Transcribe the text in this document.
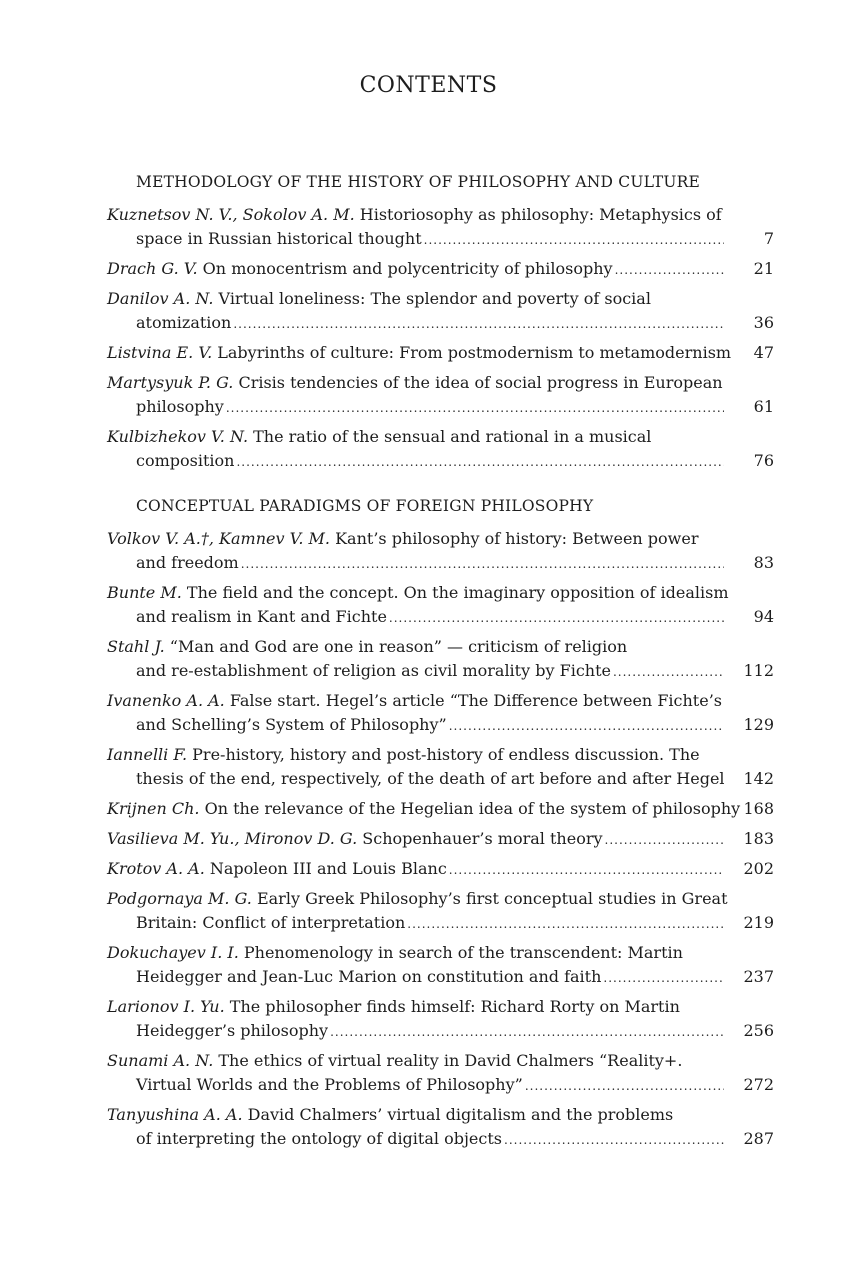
CONTENTS
METHODOLOGY OF THE HISTORY OF PHILOSOPHY AND CULTURE
Kuznetsov N. V., Sokolov A. M. Historiosophy as philosophy: Metaphysics of
space in Russian historical thought .....	7
Drach G. V. On monocentrism and polycentricity of philosophy .....	21
Danilov A. N. Virtual loneliness: The splendor and poverty of social
atomization .....	36
Listvina E. V. Labyrinths of culture: From postmodernism to metamodernism	47
Martysyuk P. G. Crisis tendencies of the idea of social progress in European
philosophy .....	61
Kulbizhekov V. N. The ratio of the sensual and rational in a musical
composition .....	76
CONCEPTUAL PARADIGMS OF FOREIGN PHILOSOPHY
Volkov V. A.†, Kamnev V. M. Kant’s philosophy of history: Between power
and freedom .....	83
Bunte M. The field and the concept. On the imaginary opposition of idealism
and realism in Kant and Fichte .....	94
Stahl J. “Man and God are one in reason” — criticism of religion
and re-establishment of religion as civil morality by Fichte .....	112
Ivanenko A. A. False start. Hegel’s article “The Difference between Fichte’s
and Schelling’s System of Philosophy” .....	129
Iannelli F. Pre-history, history and post-history of endless discussion. The
thesis of the end, respectively, of the death of art before and after Hegel	142
Krijnen Ch. On the relevance of the Hegelian idea of the system of philosophy 168
Vasilieva M. Yu., Mironov D. G. Schopenhauer’s moral theory .....	183
Krotov A. A. Napoleon III and Louis Blanc .....	202
Podgornaya M. G. Early Greek Philosophy’s first conceptual studies in Great
Britain: Conflict of interpretation .....	219
Dokuchayev I. I. Phenomenology in search of the transcendent: Martin
Heidegger and Jean-Luc Marion on constitution and faith .....	237
Larionov I. Yu. The philosopher finds himself: Richard Rorty on Martin
Heidegger’s philosophy .....	256
Sunami A. N. The ethics of virtual reality in David Chalmers “Reality+.
Virtual Worlds and the Problems of Philosophy” .....	272
Tanyushina A. A. David Chalmers’ virtual digitalism and the problems
of interpreting the ontology of digital objects .....	287
